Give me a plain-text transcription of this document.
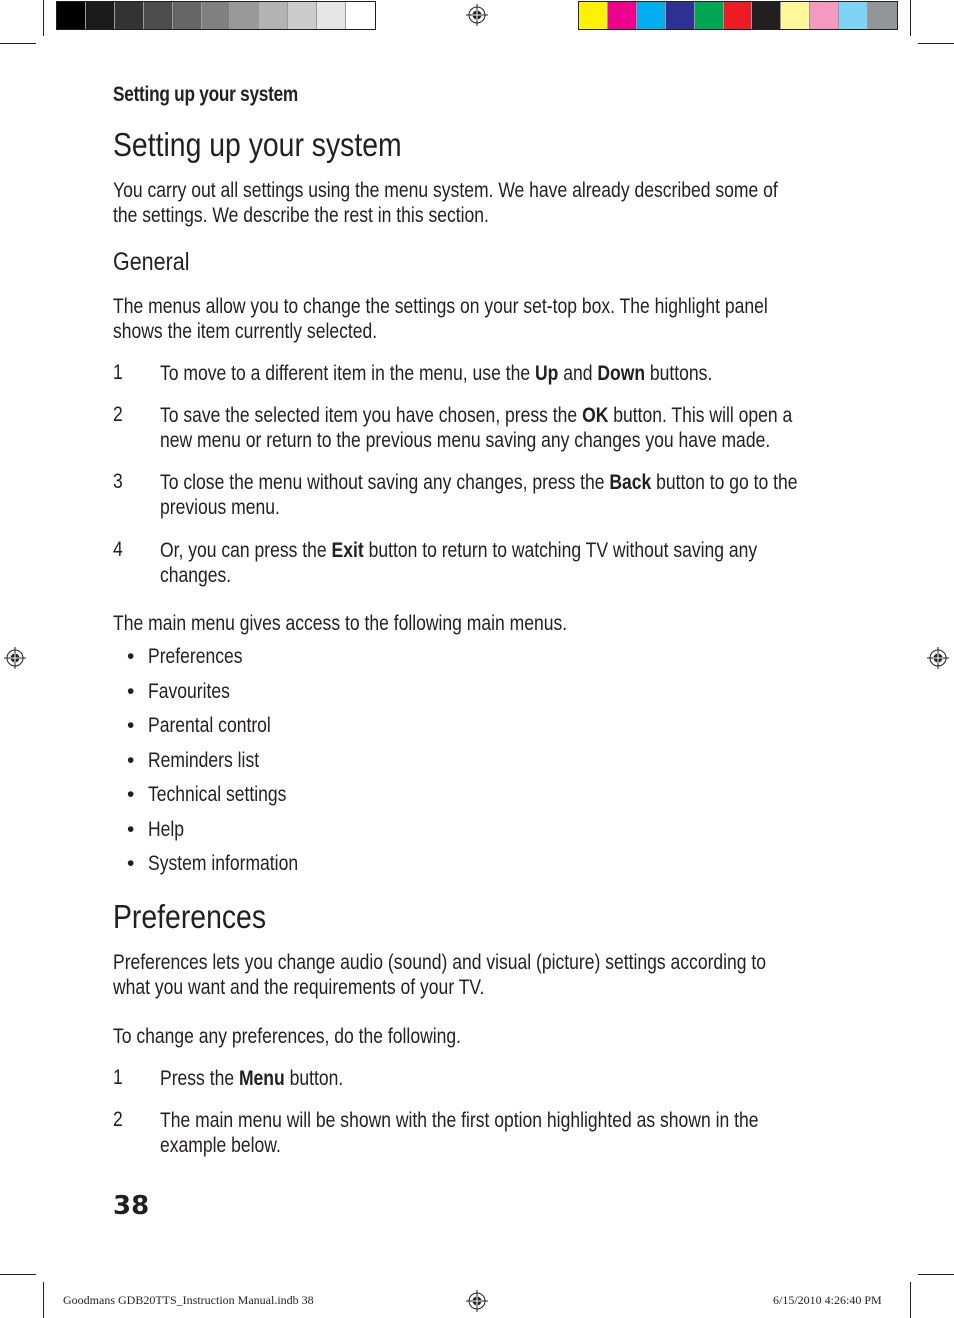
Setting up your system
Setting up your system
You carry out all settings using the menu system. We have already described some of
the settings. We describe the rest in this section.
General
The menus allow you to change the settings on your set-top box. The highlight panel
shows the item currently selected.
1 To move to a different item in the menu, use the Up and Down buttons.
2 To save the selected item you have chosen, press the OK button. This will open a
new menu or return to the previous menu saving any changes you have made.
3 To close the menu without saving any changes, press the Back button to go to the
previous menu.
4 Or, you can press the Exit button to return to watching TV without saving any
changes.
The main menu gives access to the following main menus.
• Preferences
• Favourites
• Parental control
• Reminders list
• Technical settings
• Help
• System information
Preferences
Preferences lets you change audio (sound) and visual (picture) settings according to
what you want and the requirements of your TV.
To change any preferences, do the following.
1 Press the Menu button.
2 The main menu will be shown with the first option highlighted as shown in the
example below.
38
Goodmans GDB20TTS_Instruction Manual.indb 38	6/15/2010 4:26:40 PM
